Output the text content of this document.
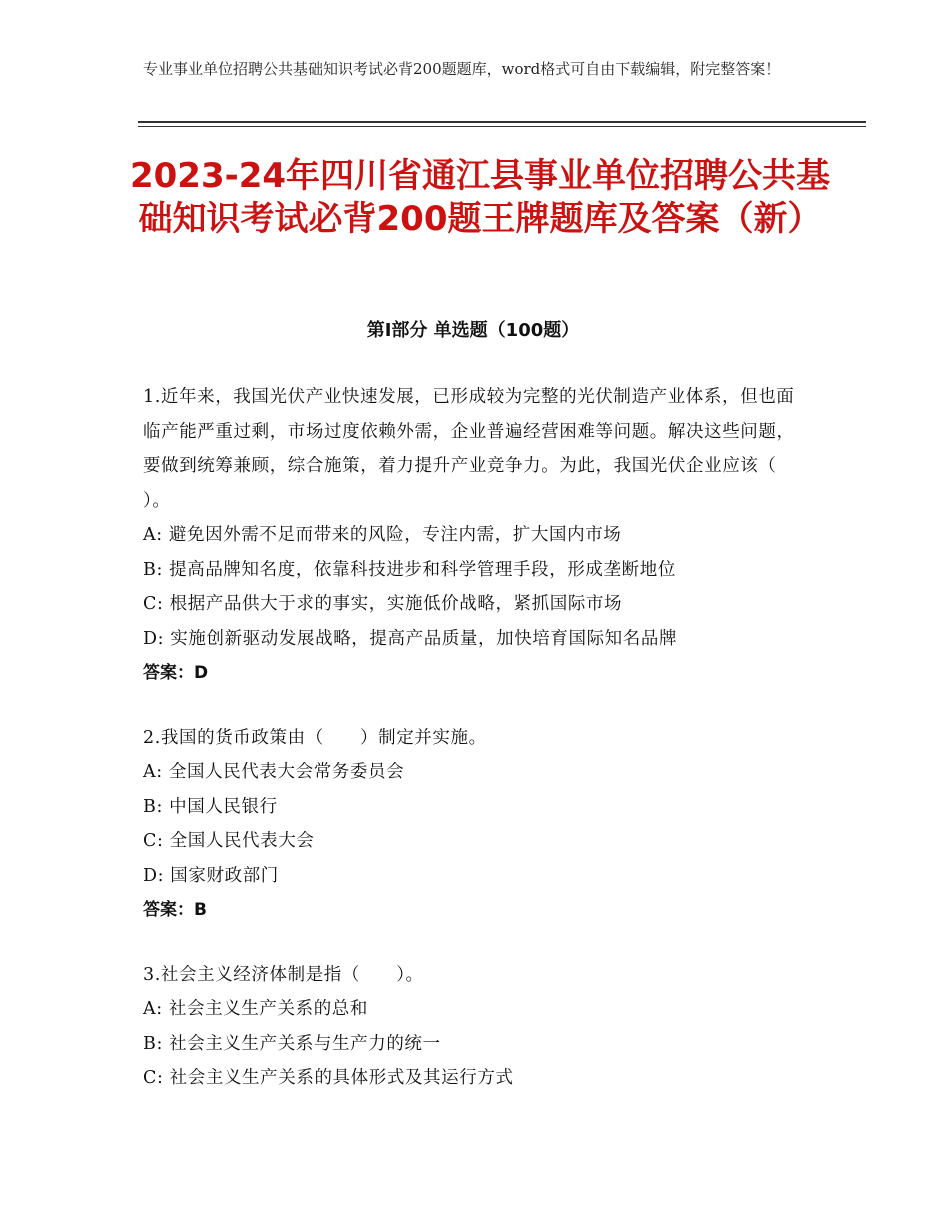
专业事业单位招聘公共基础知识考试必背200题题库，word格式可自由下载编辑，附完整答案！
2023-24年四川省通江县事业单位招聘公共基础知识考试必背200题王牌题库及答案（新）
第Ⅰ部分 单选题（100题）
1.近年来，我国光伏产业快速发展，已形成较为完整的光伏制造产业体系，但也面临产能严重过剩，市场过度依赖外需，企业普遍经营困难等问题。解决这些问题，要做到统筹兼顾，综合施策，着力提升产业竞争力。为此，我国光伏企业应该（ ）。
A: 避免因外需不足而带来的风险，专注内需，扩大国内市场
B: 提高品牌知名度，依靠科技进步和科学管理手段，形成垄断地位
C: 根据产品供大于求的事实，实施低价战略，紧抓国际市场
D: 实施创新驱动发展战略，提高产品质量，加快培育国际知名品牌
答案：D
2.我国的货币政策由（　　）制定并实施。
A: 全国人民代表大会常务委员会
B: 中国人民银行
C: 全国人民代表大会
D: 国家财政部门
答案：B
3.社会主义经济体制是指（　　）。
A: 社会主义生产关系的总和
B: 社会主义生产关系与生产力的统一
C: 社会主义生产关系的具体形式及其运行方式
